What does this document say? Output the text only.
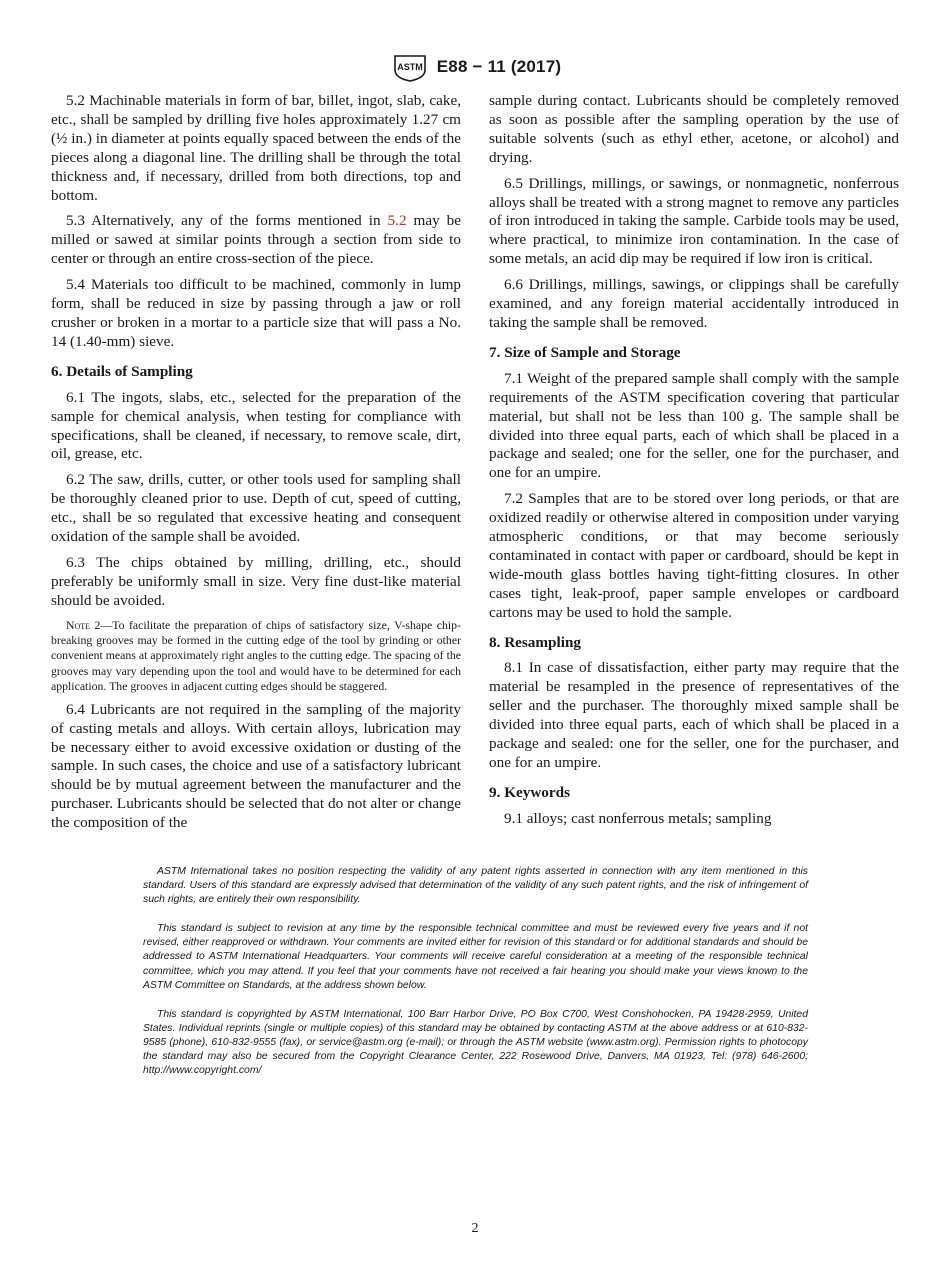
ASTM E88 − 11 (2017)

5.2 Machinable materials in form of bar, billet, ingot, slab, cake, etc., shall be sampled by drilling five holes approximately 1.27 cm (½ in.) in diameter at points equally spaced between the ends of the pieces along a diagonal line. The drilling shall be through the total thickness and, if necessary, drilled from both directions, top and bottom.

5.3 Alternatively, any of the forms mentioned in 5.2 may be milled or sawed at similar points through a section from side to center or through an entire cross-section of the piece.

5.4 Materials too difficult to be machined, commonly in lump form, shall be reduced in size by passing through a jaw or roll crusher or broken in a mortar to a particle size that will pass a No. 14 (1.40-mm) sieve.

6. Details of Sampling

6.1 The ingots, slabs, etc., selected for the preparation of the sample for chemical analysis, when testing for compliance with specifications, shall be cleaned, if necessary, to remove scale, dirt, oil, grease, etc.

6.2 The saw, drills, cutter, or other tools used for sampling shall be thoroughly cleaned prior to use. Depth of cut, speed of cutting, etc., shall be so regulated that excessive heating and consequent oxidation of the sample shall be avoided.

6.3 The chips obtained by milling, drilling, etc., should preferably be uniformly small in size. Very fine dust-like material should be avoided.

Note 2—To facilitate the preparation of chips of satisfactory size, V-shape chip-breaking grooves may be formed in the cutting edge of the tool by grinding or other convenient means at approximately right angles to the cutting edge. The spacing of the grooves may vary depending upon the tool and would have to be determined for each application. The grooves in adjacent cutting edges should be staggered.

6.4 Lubricants are not required in the sampling of the majority of casting metals and alloys. With certain alloys, lubrication may be necessary either to avoid excessive oxidation or dusting of the sample. In such cases, the choice and use of a satisfactory lubricant should be by mutual agreement between the manufacturer and the purchaser. Lubricants should be selected that do not alter or change the composition of the

sample during contact. Lubricants should be completely removed as soon as possible after the sampling operation by the use of suitable solvents (such as ethyl ether, acetone, or alcohol) and drying.

6.5 Drillings, millings, or sawings, or nonmagnetic, nonferrous alloys shall be treated with a strong magnet to remove any particles of iron introduced in taking the sample. Carbide tools may be used, where practical, to minimize iron contamination. In the case of some metals, an acid dip may be required if low iron is critical.

6.6 Drillings, millings, sawings, or clippings shall be carefully examined, and any foreign material accidentally introduced in taking the sample shall be removed.

7. Size of Sample and Storage

7.1 Weight of the prepared sample shall comply with the sample requirements of the ASTM specification covering that particular material, but shall not be less than 100 g. The sample shall be divided into three equal parts, each of which shall be placed in a package and sealed; one for the seller, one for the purchaser, and one for an umpire.

7.2 Samples that are to be stored over long periods, or that are oxidized readily or otherwise altered in composition under varying atmospheric conditions, or that may become seriously contaminated in contact with paper or cardboard, should be kept in wide-mouth glass bottles having tight-fitting closures. In other cases tight, leak-proof, paper sample envelopes or cardboard cartons may be used to hold the sample.

8. Resampling

8.1 In case of dissatisfaction, either party may require that the material be resampled in the presence of representatives of the seller and the purchaser. The thoroughly mixed sample shall be divided into three equal parts, each of which shall be placed in a package and sealed: one for the seller, one for the purchaser, and one for an umpire.

9. Keywords

9.1 alloys; cast nonferrous metals; sampling

ASTM International takes no position respecting the validity of any patent rights asserted in connection with any item mentioned in this standard. Users of this standard are expressly advised that determination of the validity of any such patent rights, and the risk of infringement of such rights, are entirely their own responsibility.

This standard is subject to revision at any time by the responsible technical committee and must be reviewed every five years and if not revised, either reapproved or withdrawn. Your comments are invited either for revision of this standard or for additional standards and should be addressed to ASTM International Headquarters. Your comments will receive careful consideration at a meeting of the responsible technical committee, which you may attend. If you feel that your comments have not received a fair hearing you should make your views known to the ASTM Committee on Standards, at the address shown below.

This standard is copyrighted by ASTM International, 100 Barr Harbor Drive, PO Box C700, West Conshohocken, PA 19428-2959, United States. Individual reprints (single or multiple copies) of this standard may be obtained by contacting ASTM at the above address or at 610-832-9585 (phone), 610-832-9555 (fax), or service@astm.org (e-mail); or through the ASTM website (www.astm.org). Permission rights to photocopy the standard may also be secured from the Copyright Clearance Center, 222 Rosewood Drive, Danvers, MA 01923, Tel: (978) 646-2600; http://www.copyright.com/

2
